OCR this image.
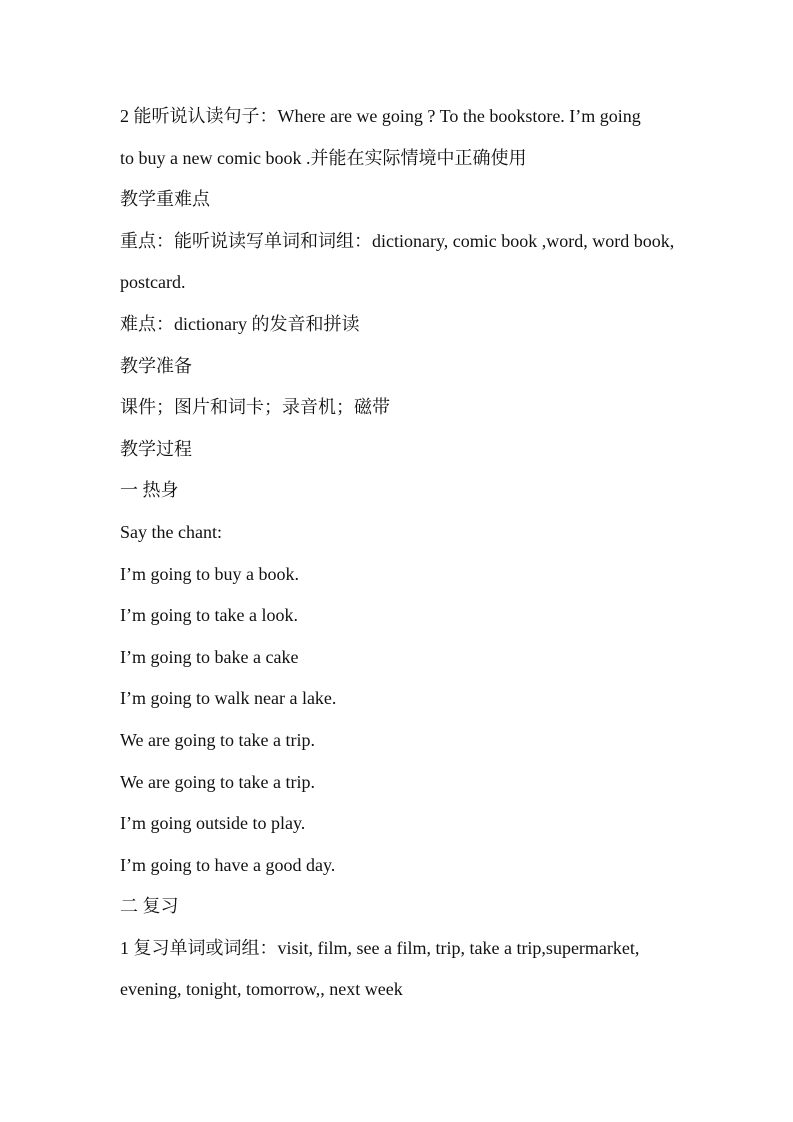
2 能听说认读句子：Where are we going ? To the bookstore. I’m going
to buy a new comic book .并能在实际情境中正确使用
教学重难点
重点：能听说读写单词和词组：dictionary, comic book ,word, word book,
postcard.
难点：dictionary 的发音和拼读
教学准备
课件；图片和词卡；录音机；磁带
教学过程
一 热身
Say the chant:
I’m going to buy a book.
I’m going to take a look.
I’m going to bake a cake
I’m going to walk near a lake.
We are going to take a trip.
We are going to take a trip.
I’m going outside to play.
I’m going to have a good day.
二 复习
1 复习单词或词组：visit, film, see a film, trip, take a trip,supermarket,
evening, tonight, tomorrow,, next week
